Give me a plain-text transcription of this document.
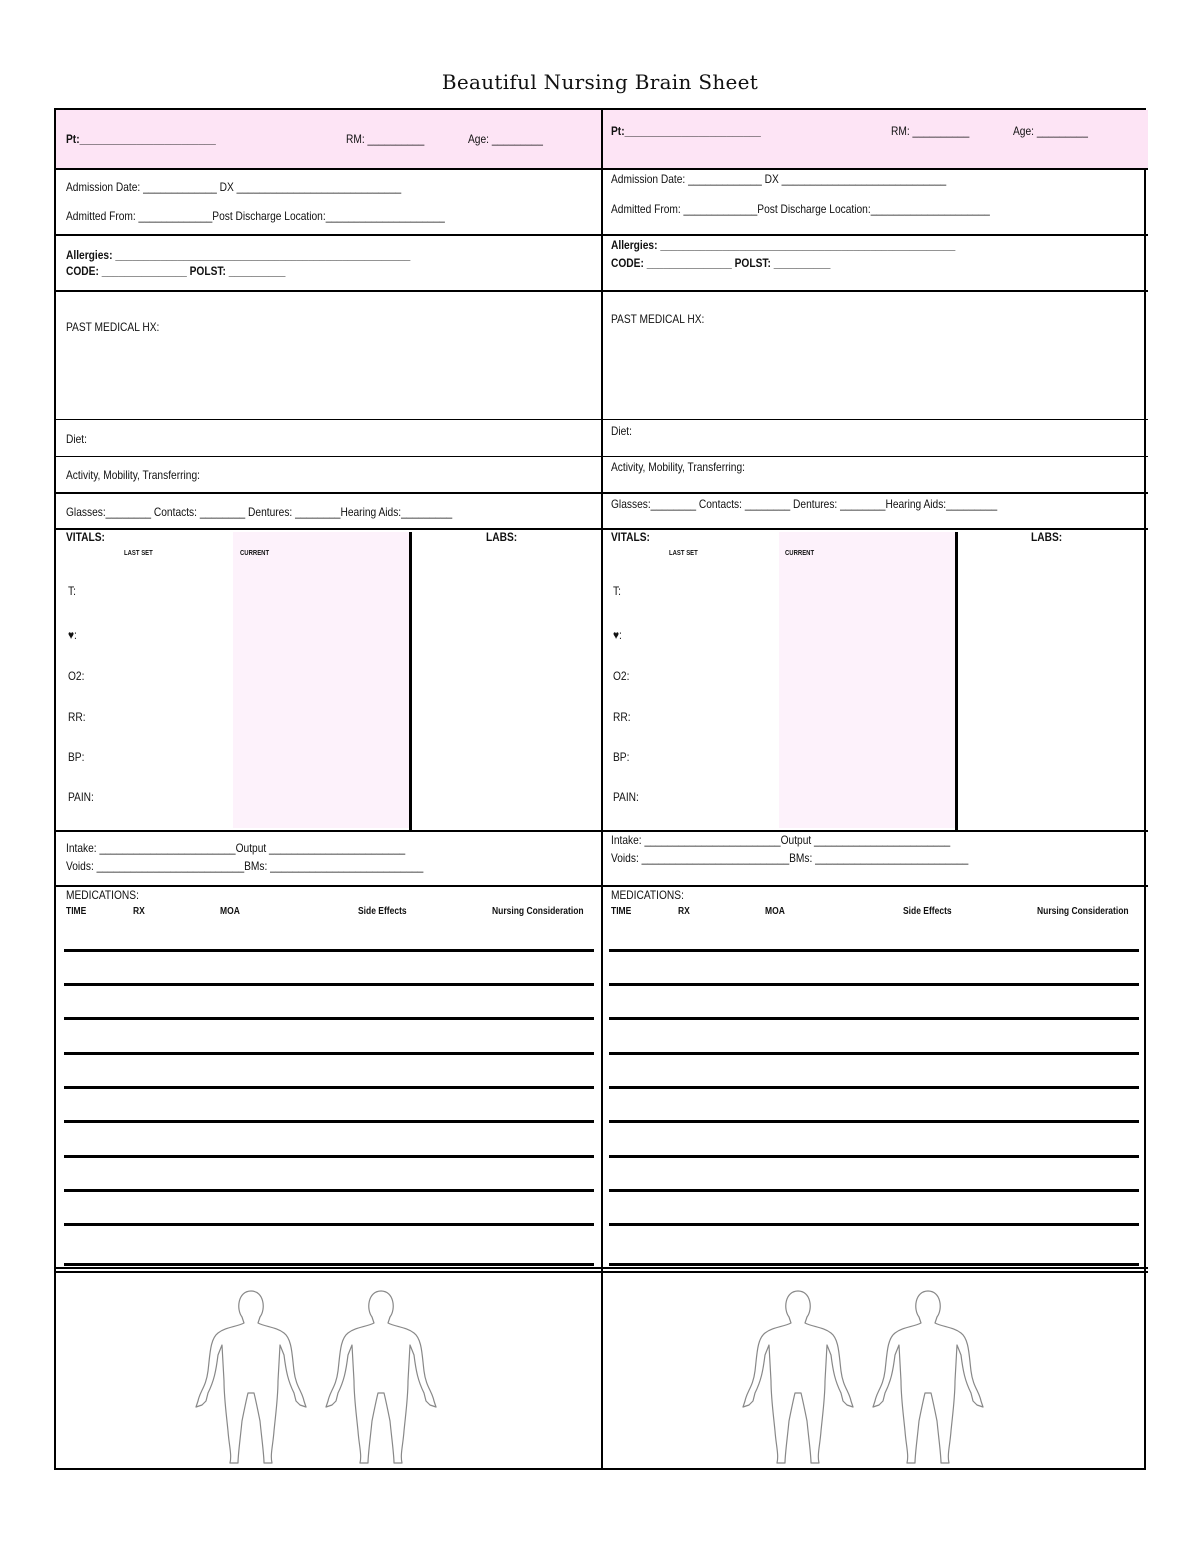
Beautiful Nursing Brain Sheet
Pt:________________________	RM: __________	Age: _________
Admission Date: _____________ DX _____________________________
Admitted From: _____________Post Discharge Location:_____________________
Allergies: ____________________________________________________
CODE: _______________ POLST: __________
PAST MEDICAL HX:
Diet:
Activity, Mobility, Transferring:
Glasses:________ Contacts: ________ Dentures: ________Hearing Aids:_________
VITALS:
LAST SET	CURRENT
LABS:
T:
♥:
O2:
RR:
BP:
PAIN:
Intake: ________________________Output ________________________
Voids: __________________________BMs: ___________________________
MEDICATIONS:
TIME	RX	MOA	Side Effects	Nursing Consideration
Pt:________________________	RM: __________	Age: _________
Admission Date: _____________ DX _____________________________
Admitted From: _____________Post Discharge Location:_____________________
Allergies: ____________________________________________________
CODE: _______________ POLST: __________
PAST MEDICAL HX:
Diet:
Activity, Mobility, Transferring:
Glasses:________ Contacts: ________ Dentures: ________Hearing Aids:_________
VITALS:
LAST SET	CURRENT
LABS:
T:
♥:
O2:
RR:
BP:
PAIN:
Intake: ________________________Output ________________________
Voids: __________________________BMs: ___________________________
MEDICATIONS:
TIME	RX	MOA	Side Effects	Nursing Consideration
